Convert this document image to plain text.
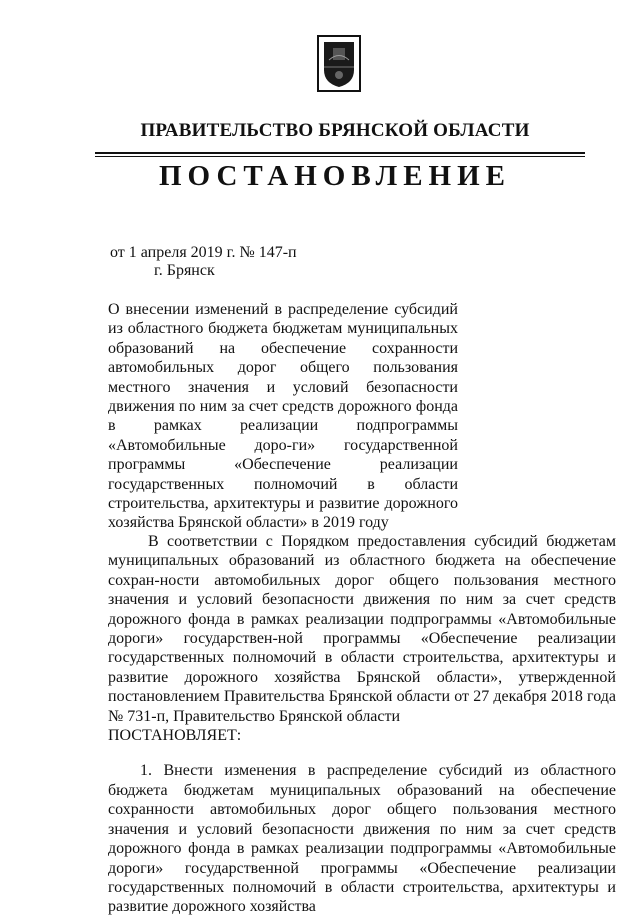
ПРАВИТЕЛЬСТВО БРЯНСКОЙ ОБЛАСТИ
ПОСТАНОВЛЕНИЕ
от 1 апреля 2019 г. № 147-п
г. Брянск
О внесении изменений в распределение субсидий из областного бюджета бюджетам муниципальных образований на обеспечение сохранности автомобильных дорог общего пользования местного значения и условий безопасности движения по ним за счет средств дорожного фонда в рамках реализации подпрограммы «Автомобильные доро-ги» государственной программы «Обеспечение реализации государственных полномочий в области строительства, архитектуры и развитие дорожного хозяйства Брянской области» в 2019 году

В соответствии с Порядком предоставления субсидий бюджетам муниципальных образований из областного бюджета на обеспечение сохран-ности автомобильных дорог общего пользования местного значения и условий безопасности движения по ним за счет средств дорожного фонда в рамках реализации подпрограммы «Автомобильные дороги» государствен-ной программы «Обеспечение реализации государственных полномочий в области строительства, архитектуры и развитие дорожного хозяйства Брянской области», утвержденной постановлением Правительства Брянской области от 27 декабря 2018 года № 731-п, Правительство Брянской области

ПОСТАНОВЛЯЕТ:

1. Внести изменения в распределение субсидий из областного бюджета бюджетам муниципальных образований на обеспечение сохранности автомобильных дорог общего пользования местного значения и условий безопасности движения по ним за счет средств дорожного фонда в рамках реализации подпрограммы «Автомобильные дороги» государственной программы «Обеспечение реализации государственных полномочий в области строительства, архитектуры и развитие дорожного хозяйства
